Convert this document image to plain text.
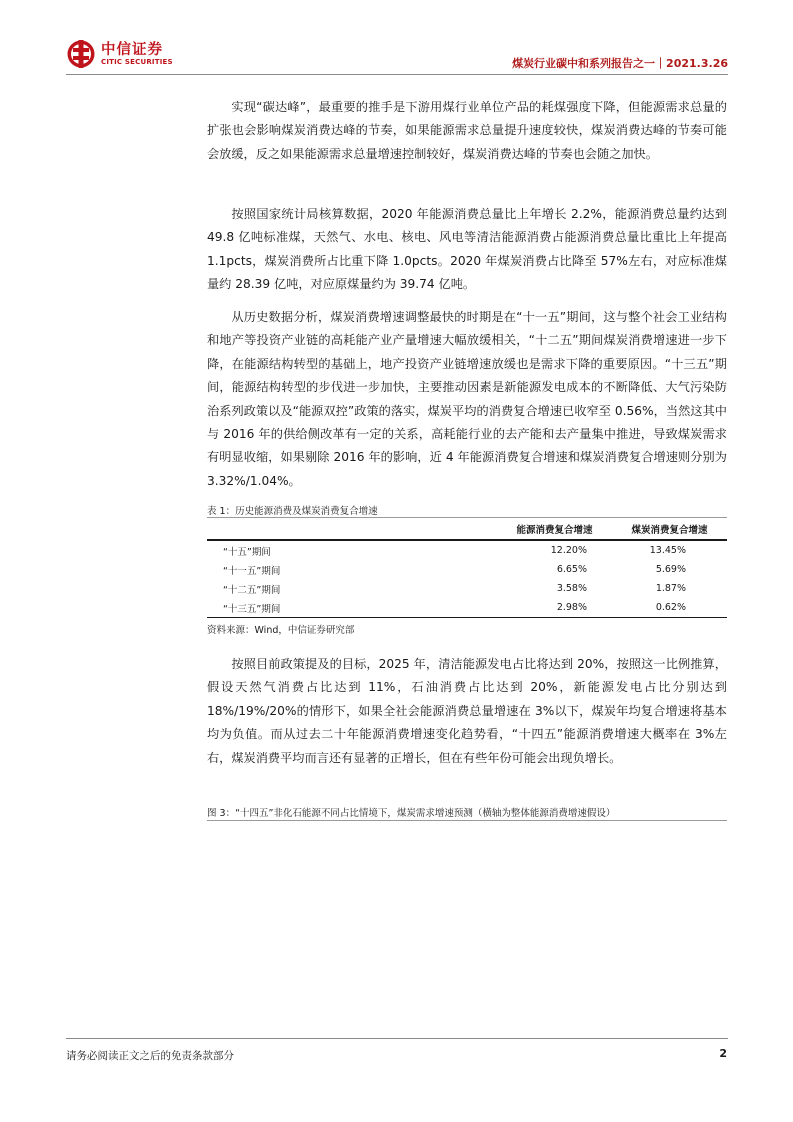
中信证券
CITIC SECURITIES	煤炭行业碳中和系列报告之一｜2021.3.26

实现“碳达峰”，最重要的推手是下游用煤行业单位产品的耗煤强度下降，但能源需求总量的扩张也会影响煤炭消费达峰的节奏，如果能源需求总量提升速度较快，煤炭消费达峰的节奏可能会放缓，反之如果能源需求总量增速控制较好，煤炭消费达峰的节奏也会随之加快。

按照国家统计局核算数据，2020 年能源消费总量比上年增长 2.2%，能源消费总量约达到 49.8 亿吨标准煤，天然气、水电、核电、风电等清洁能源消费占能源消费总量比重比上年提高 1.1pcts，煤炭消费所占比重下降 1.0pcts。2020 年煤炭消费占比降至 57%左右，对应标准煤量约 28.39 亿吨，对应原煤量约为 39.74 亿吨。

从历史数据分析，煤炭消费增速调整最快的时期是在“十一五”期间，这与整个社会工业结构和地产等投资产业链的高耗能产业产量增速大幅放缓相关，“十二五”期间煤炭消费增速进一步下降，在能源结构转型的基础上，地产投资产业链增速放缓也是需求下降的重要原因。“十三五”期间，能源结构转型的步伐进一步加快，主要推动因素是新能源发电成本的不断降低、大气污染防治系列政策以及“能源双控”政策的落实，煤炭平均的消费复合增速已收窄至 0.56%，当然这其中与 2016 年的供给侧改革有一定的关系，高耗能行业的去产能和去产量集中推进，导致煤炭需求有明显收缩，如果剔除 2016 年的影响，近 4 年能源消费复合增速和煤炭消费复合增速则分别为 3.32%/1.04%。

表 1：历史能源消费及煤炭消费复合增速
	能源消费复合增速	煤炭消费复合增速
“十五”期间	12.20%	13.45%
“十一五”期间	6.65%	5.69%
“十二五”期间	3.58%	1.87%
“十三五”期间	2.98%	0.62%
资料来源：Wind，中信证券研究部

按照目前政策提及的目标，2025 年，清洁能源发电占比将达到 20%，按照这一比例推算，假设天然气消费占比达到 11%，石油消费占比达到 20%，新能源发电占比分别达到 18%/19%/20%的情形下，如果全社会能源消费总量增速在 3%以下，煤炭年均复合增速将基本均为负值。而从过去二十年能源消费增速变化趋势看，“十四五”能源消费增速大概率在 3%左右，煤炭消费平均而言还有显著的正增长，但在有些年份可能会出现负增长。

图 3：“十四五”非化石能源不同占比情境下，煤炭需求增速预测（横轴为整体能源消费增速假设）
请务必阅读正文之后的免责条款部分	2
